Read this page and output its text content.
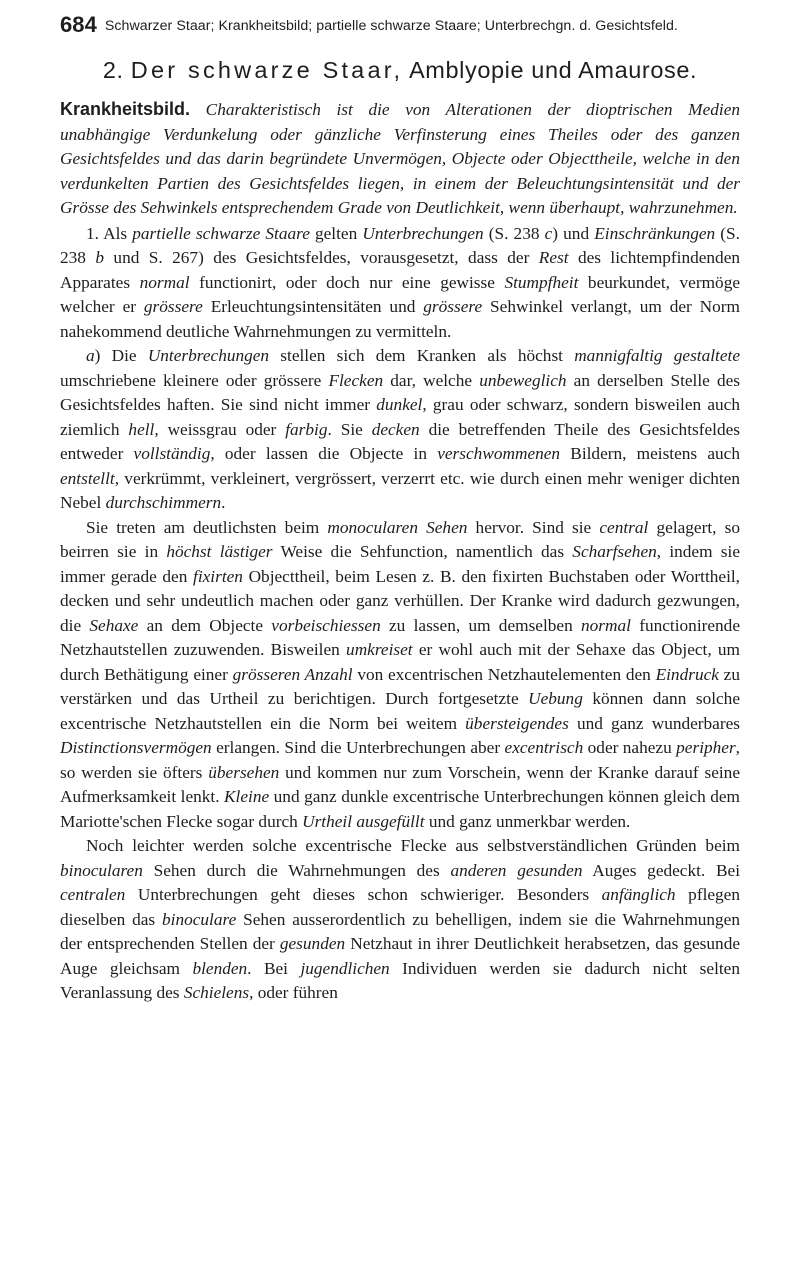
684 Schwarzer Staar; Krankheitsbild; partielle schwarze Staare; Unterbrechgn. d. Gesichtsfeld.
2. Der schwarze Staar, Amblyopie und Amaurose.

Krankheitsbild. Charakteristisch ist die von Alterationen der dioptrischen Medien unabhängige Verdunkelung oder gänzliche Verfinsterung eines Theiles oder des ganzen Gesichtsfeldes und das darin begründete Unvermögen, Objecte oder Objecttheile, welche in den verdunkelten Partien des Gesichtsfeldes liegen, in einem der Beleuchtungsintensität und der Grösse des Sehwinkels entsprechendem Grade von Deutlichkeit, wenn überhaupt, wahrzunehmen.

1. Als partielle schwarze Staare gelten Unterbrechungen (S. 238 c) und Einschränkungen (S. 238 b und S. 267) des Gesichtsfeldes, vorausgesetzt, dass der Rest des lichtempfindenden Apparates normal functionirt, oder doch nur eine gewisse Stumpfheit beurkundet, vermöge welcher er grössere Erleuchtungsintensitäten und grössere Sehwinkel verlangt, um der Norm nahekommend deutliche Wahrnehmungen zu vermitteln.

a) Die Unterbrechungen stellen sich dem Kranken als höchst mannigfaltig gestaltete umschriebene kleinere oder grössere Flecken dar, welche unbeweglich an derselben Stelle des Gesichtsfeldes haften. Sie sind nicht immer dunkel, grau oder schwarz, sondern bisweilen auch ziemlich hell, weissgrau oder farbig. Sie decken die betreffenden Theile des Gesichtsfeldes entweder vollständig, oder lassen die Objecte in verschwommenen Bildern, meistens auch entstellt, verkrümmt, verkleinert, vergrössert, verzerrt etc. wie durch einen mehr weniger dichten Nebel durchschimmern.

Sie treten am deutlichsten beim monocularen Sehen hervor. Sind sie central gelagert, so beirren sie in höchst lästiger Weise die Sehfunction, namentlich das Scharfsehen, indem sie immer gerade den fixirten Objecttheil, beim Lesen z. B. den fixirten Buchstaben oder Worttheil, decken und sehr undeutlich machen oder ganz verhüllen. Der Kranke wird dadurch gezwungen, die Sehaxe an dem Objecte vorbeischiessen zu lassen, um demselben normal functionirende Netzhautstellen zuzuwenden. Bisweilen umkreiset er wohl auch mit der Sehaxe das Object, um durch Bethätigung einer grösseren Anzahl von excentrischen Netzhautelementen den Eindruck zu verstärken und das Urtheil zu berichtigen. Durch fortgesetzte Uebung können dann solche excentrische Netzhautstellen ein die Norm bei weitem übersteigendes und ganz wunderbares Distinctionsvermögen erlangen. Sind die Unterbrechungen aber excentrisch oder nahezu peripher, so werden sie öfters übersehen und kommen nur zum Vorschein, wenn der Kranke darauf seine Aufmerksamkeit lenkt. Kleine und ganz dunkle excentrische Unterbrechungen können gleich dem Mariotte'schen Flecke sogar durch Urtheil ausgefüllt und ganz unmerkbar werden.

Noch leichter werden solche excentrische Flecke aus selbstverständlichen Gründen beim binocularen Sehen durch die Wahrnehmungen des anderen gesunden Auges gedeckt. Bei centralen Unterbrechungen geht dieses schon schwieriger. Besonders anfänglich pflegen dieselben das binoculare Sehen ausserordentlich zu behelligen, indem sie die Wahrnehmungen der entsprechenden Stellen der gesunden Netzhaut in ihrer Deutlichkeit herabsetzen, das gesunde Auge gleichsam blenden. Bei jugendlichen Individuen werden sie dadurch nicht selten Veranlassung des Schielens, oder führen
